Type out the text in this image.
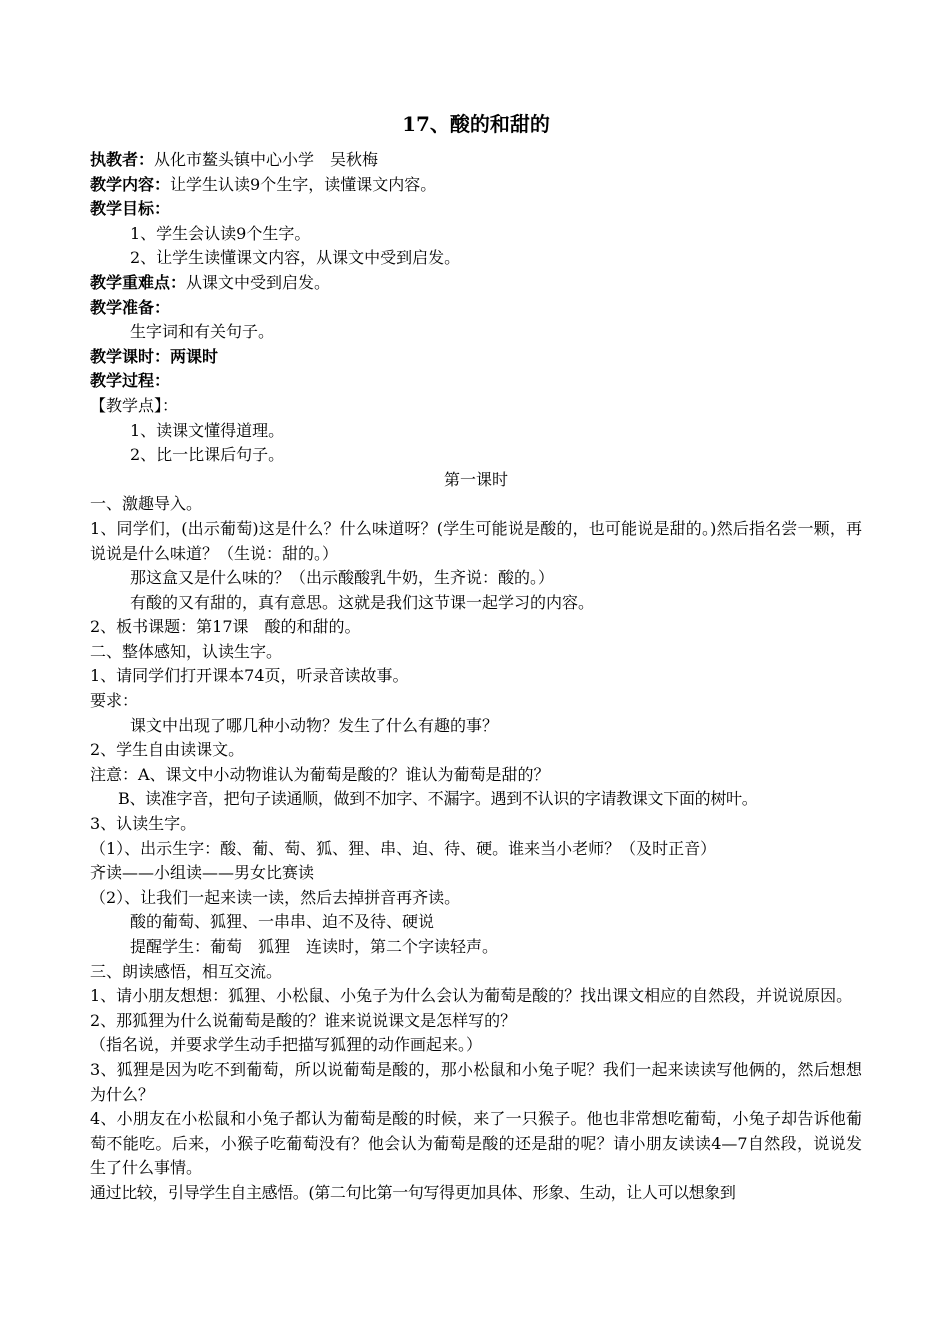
17、酸的和甜的
执教者：从化市鳌头镇中心小学　吴秋梅
教学内容：让学生认读9个生字，读懂课文内容。
教学目标：
1、学生会认读9个生字。
2、让学生读懂课文内容，从课文中受到启发。
教学重难点：从课文中受到启发。
教学准备：
生字词和有关句子。
教学课时：两课时
教学过程：
【教学点】：
1、读课文懂得道理。
2、比一比课后句子。
第一课时
一、激趣导入。
1、同学们，(出示葡萄)这是什么？什么味道呀？(学生可能说是酸的，也可能说是甜的。)然后指名尝一颗，再说说是什么味道？（生说：甜的。）
那这盒又是什么味的？（出示酸酸乳牛奶，生齐说：酸的。）
有酸的又有甜的，真有意思。这就是我们这节课一起学习的内容。
2、板书课题：第17课　酸的和甜的。
二、整体感知，认读生字。
1、请同学们打开课本74页，听录音读故事。
要求：
课文中出现了哪几种小动物？发生了什么有趣的事？
2、学生自由读课文。
注意：A、课文中小动物谁认为葡萄是酸的？谁认为葡萄是甜的？
B、读准字音，把句子读通顺，做到不加字、不漏字。遇到不认识的字请教课文下面的树叶。
3、认读生字。
（1）、出示生字：酸、葡、萄、狐、狸、串、迫、待、硬。谁来当小老师？（及时正音）
齐读——小组读——男女比赛读
（2）、让我们一起来读一读，然后去掉拼音再齐读。
酸的葡萄、狐狸、一串串、迫不及待、硬说
提醒学生：葡萄　狐狸　连读时，第二个字读轻声。
三、朗读感悟，相互交流。
1、请小朋友想想：狐狸、小松鼠、小兔子为什么会认为葡萄是酸的？找出课文相应的自然段，并说说原因。
2、那狐狸为什么说葡萄是酸的？谁来说说课文是怎样写的？
（指名说，并要求学生动手把描写狐狸的动作画起来。）
3、狐狸是因为吃不到葡萄，所以说葡萄是酸的，那小松鼠和小兔子呢？我们一起来读读写他俩的，然后想想为什么？
4、小朋友在小松鼠和小兔子都认为葡萄是酸的时候，来了一只猴子。他也非常想吃葡萄，小兔子却告诉他葡萄不能吃。后来，小猴子吃葡萄没有？他会认为葡萄是酸的还是甜的呢？请小朋友读读4—7自然段，说说发生了什么事情。
通过比较，引导学生自主感悟。(第二句比第一句写得更加具体、形象、生动，让人可以想象到
